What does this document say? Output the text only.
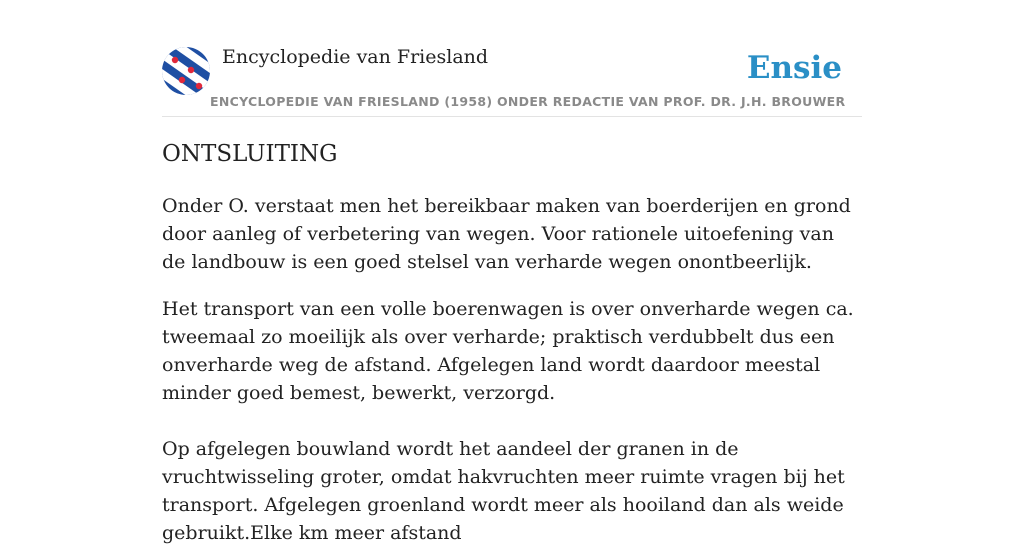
Encyclopedie van Friesland
ENCYCLOPEDIE VAN FRIESLAND (1958) ONDER REDACTIE VAN PROF. DR. J.H. BROUWER
Ensie
ONTSLUITING

Onder O. verstaat men het bereikbaar maken van boerderijen en grond door aanleg of verbetering van wegen. Voor rationele uitoefening van de landbouw is een goed stelsel van verharde wegen onontbeerlijk.

Het transport van een volle boerenwagen is over onverharde wegen ca. tweemaal zo moeilijk als over verharde; praktisch verdubbelt dus een onverharde weg de afstand. Afgelegen land wordt daardoor meestal minder goed bemest, bewerkt, verzorgd.

Op afgelegen bouwland wordt het aandeel der granen in de vruchtwisseling groter, omdat hakvruchten meer ruimte vragen bij het transport. Afgelegen groenland wordt meer als hooiland dan als weide gebruikt.Elke km meer afstand
